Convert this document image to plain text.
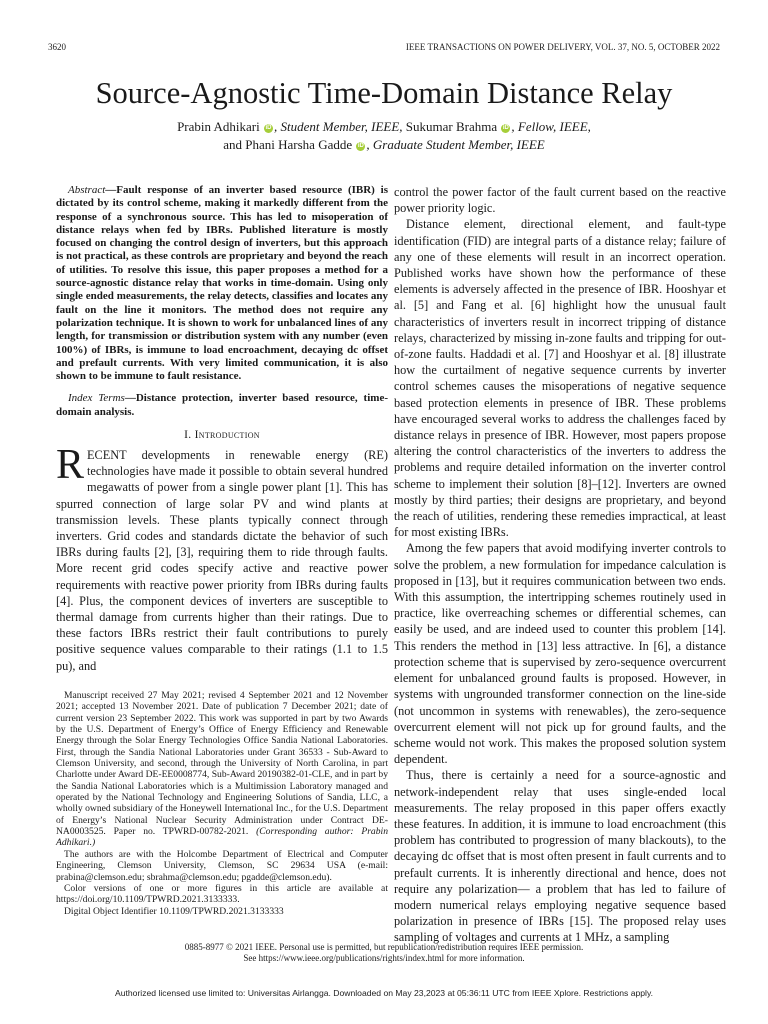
3620	IEEE TRANSACTIONS ON POWER DELIVERY, VOL. 37, NO. 5, OCTOBER 2022
Source-Agnostic Time-Domain Distance Relay
Prabin Adhikari iD , Student Member, IEEE, Sukumar Brahma iD , Fellow, IEEE,
and Phani Harsha Gadde iD , Graduate Student Member, IEEE

Abstract—Fault response of an inverter based resource (IBR) is dictated by its control scheme, making it markedly different from the response of a synchronous source. This has led to misoperation of distance relays when fed by IBRs. Published literature is mostly focused on changing the control design of inverters, but this approach is not practical, as these controls are proprietary and beyond the reach of utilities. To resolve this issue, this paper proposes a method for a source-agnostic distance relay that works in time-domain. Using only single ended measurements, the relay detects, classifies and locates any fault on the line it monitors. The method does not require any polarization technique. It is shown to work for unbalanced lines of any length, for transmission or distribution system with any number (even 100%) of IBRs, is immune to load encroachment, decaying dc offset and prefault currents. With very limited communication, it is also shown to be immune to fault resistance.

Index Terms—Distance protection, inverter based resource, time-domain analysis.

I. Introduction

RECENT developments in renewable energy (RE) technologies have made it possible to obtain several hundred megawatts of power from a single power plant [1]. This has spurred connection of large solar PV and wind plants at transmission levels. These plants typically connect through inverters. Grid codes and standards dictate the behavior of such IBRs during faults [2], [3], requiring them to ride through faults. More recent grid codes specify active and reactive power requirements with reactive power priority from IBRs during faults [4]. Plus, the component devices of inverters are susceptible to thermal damage from currents higher than their ratings. Due to these factors IBRs restrict their fault contributions to purely positive sequence values comparable to their ratings (1.1 to 1.5 pu), and

Manuscript received 27 May 2021; revised 4 September 2021 and 12 November 2021; accepted 13 November 2021. Date of publication 7 December 2021; date of current version 23 September 2022. This work was supported in part by two Awards by the U.S. Department of Energy’s Office of Energy Efficiency and Renewable Energy through the Solar Energy Technologies Office Sandia National Laboratories. First, through the Sandia National Laboratories under Grant 36533 - Sub-Award to Clemson University, and second, through the University of North Carolina, in part Charlotte under Award DE-EE0008774, Sub-Award 20190382-01-CLE, and in part by the Sandia National Laboratories which is a Multimission Laboratory managed and operated by the National Technology and Engineering Solutions of Sandia, LLC, a wholly owned subsidiary of the Honeywell International Inc., for the U.S. Department of Energy’s National Nuclear Security Administration under Contract DE-NA0003525. Paper no. TPWRD-00782-2021. (Corresponding author: Prabin Adhikari.)

The authors are with the Holcombe Department of Electrical and Computer Engineering, Clemson University, Clemson, SC 29634 USA (e-mail: prabina@clemson.edu; sbrahma@clemson.edu; pgadde@clemson.edu).

Color versions of one or more figures in this article are available at https://doi.org/10.1109/TPWRD.2021.3133333.

Digital Object Identifier 10.1109/TPWRD.2021.3133333

control the power factor of the fault current based on the reactive power priority logic.

Distance element, directional element, and fault-type identification (FID) are integral parts of a distance relay; failure of any one of these elements will result in an incorrect operation. Published works have shown how the performance of these elements is adversely affected in the presence of IBR. Hooshyar et al. [5] and Fang et al. [6] highlight how the unusual fault characteristics of inverters result in incorrect tripping of distance relays, characterized by missing in-zone faults and tripping for out-of-zone faults. Haddadi et al. [7] and Hooshyar et al. [8] illustrate how the curtailment of negative sequence currents by inverter control schemes causes the misoperations of negative sequence based protection elements in presence of IBR. These problems have encouraged several works to address the challenges faced by distance relays in presence of IBR. However, most papers propose altering the control characteristics of the inverters to address the problems and require detailed information on the inverter control scheme to implement their solution [8]–[12]. Inverters are owned mostly by third parties; their designs are proprietary, and beyond the reach of utilities, rendering these remedies impractical, at least for most existing IBRs.

Among the few papers that avoid modifying inverter controls to solve the problem, a new formulation for impedance calculation is proposed in [13], but it requires communication between two ends. With this assumption, the intertripping schemes routinely used in practice, like overreaching schemes or differential schemes, can easily be used, and are indeed used to counter this problem [14]. This renders the method in [13] less attractive. In [6], a distance protection scheme that is supervised by zero-sequence overcurrent element for unbalanced ground faults is proposed. However, in systems with ungrounded transformer connection on the line-side (not uncommon in systems with renewables), the zero-sequence overcurrent element will not pick up for ground faults, and the scheme would not work. This makes the proposed solution system dependent.

Thus, there is certainly a need for a source-agnostic and network-independent relay that uses single-ended local measurements. The relay proposed in this paper offers exactly these features. In addition, it is immune to load encroachment (this problem has contributed to progression of many blackouts), to the decaying dc offset that is most often present in fault currents and to prefault currents. It is inherently directional and hence, does not require any polarization— a problem that has led to failure of modern numerical relays employing negative sequence based polarization in presence of IBRs [15]. The proposed relay uses sampling of voltages and currents at 1 MHz, a sampling

0885-8977 © 2021 IEEE. Personal use is permitted, but republication/redistribution requires IEEE permission.
See https://www.ieee.org/publications/rights/index.html for more information.
Authorized licensed use limited to: Universitas Airlangga. Downloaded on May 23,2023 at 05:36:11 UTC from IEEE Xplore. Restrictions apply.
